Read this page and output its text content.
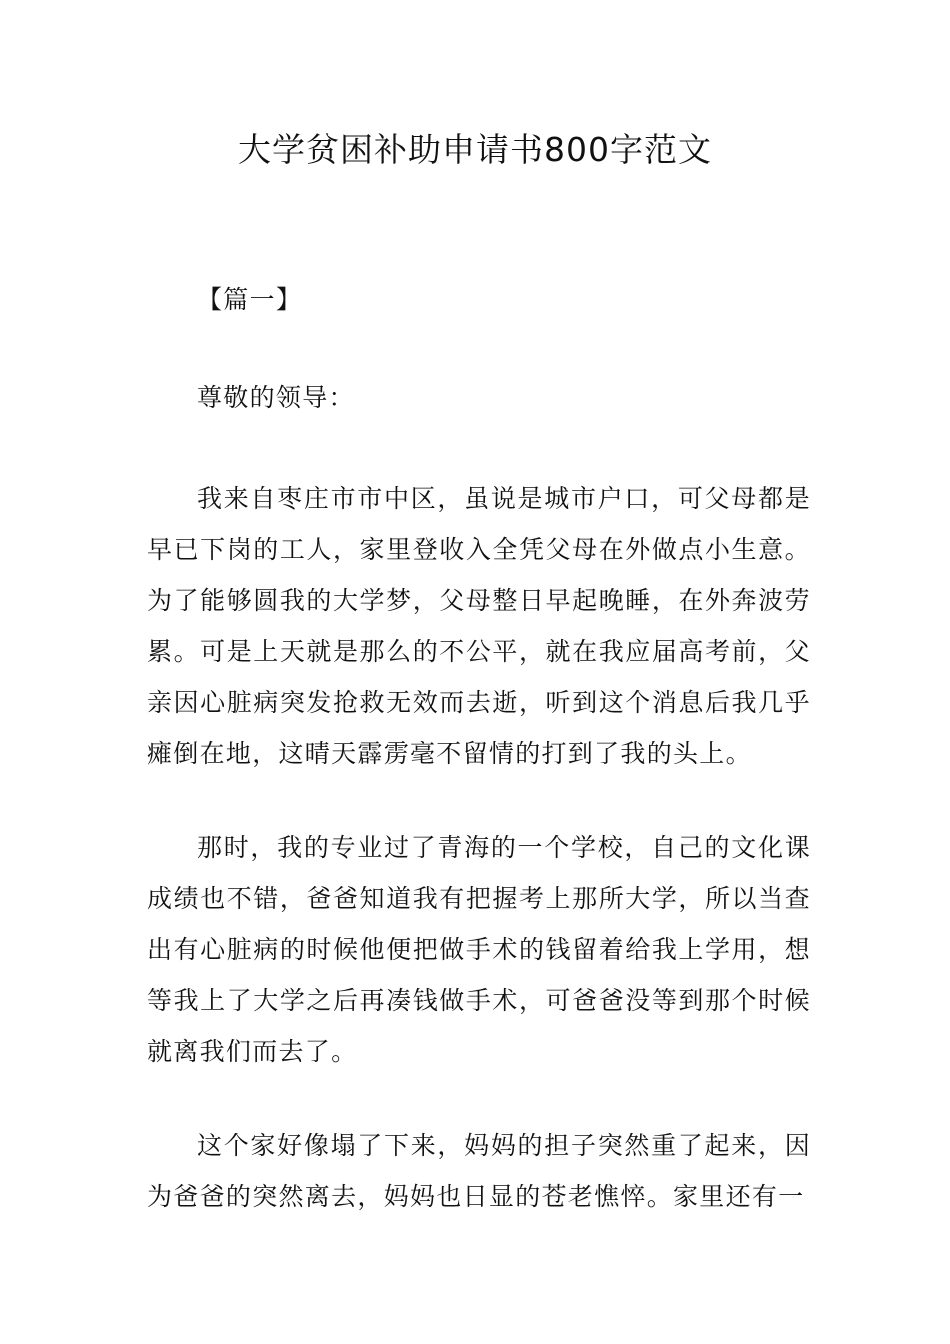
大学贫困补助申请书800字范文

【篇一】

尊敬的领导：

我来自枣庄市市中区，虽说是城市户口，可父母都是早已下岗的工人，家里登收入全凭父母在外做点小生意。为了能够圆我的大学梦，父母整日早起晚睡，在外奔波劳累。可是上天就是那么的不公平，就在我应届高考前，父亲因心脏病突发抢救无效而去逝，听到这个消息后我几乎瘫倒在地，这晴天霹雳毫不留情的打到了我的头上。

那时，我的专业过了青海的一个学校，自己的文化课成绩也不错，爸爸知道我有把握考上那所大学，所以当查出有心脏病的时候他便把做手术的钱留着给我上学用，想等我上了大学之后再凑钱做手术，可爸爸没等到那个时候就离我们而去了。

这个家好像塌了下来，妈妈的担子突然重了起来，因为爸爸的突然离去，妈妈也日显的苍老憔悴。家里还有一
